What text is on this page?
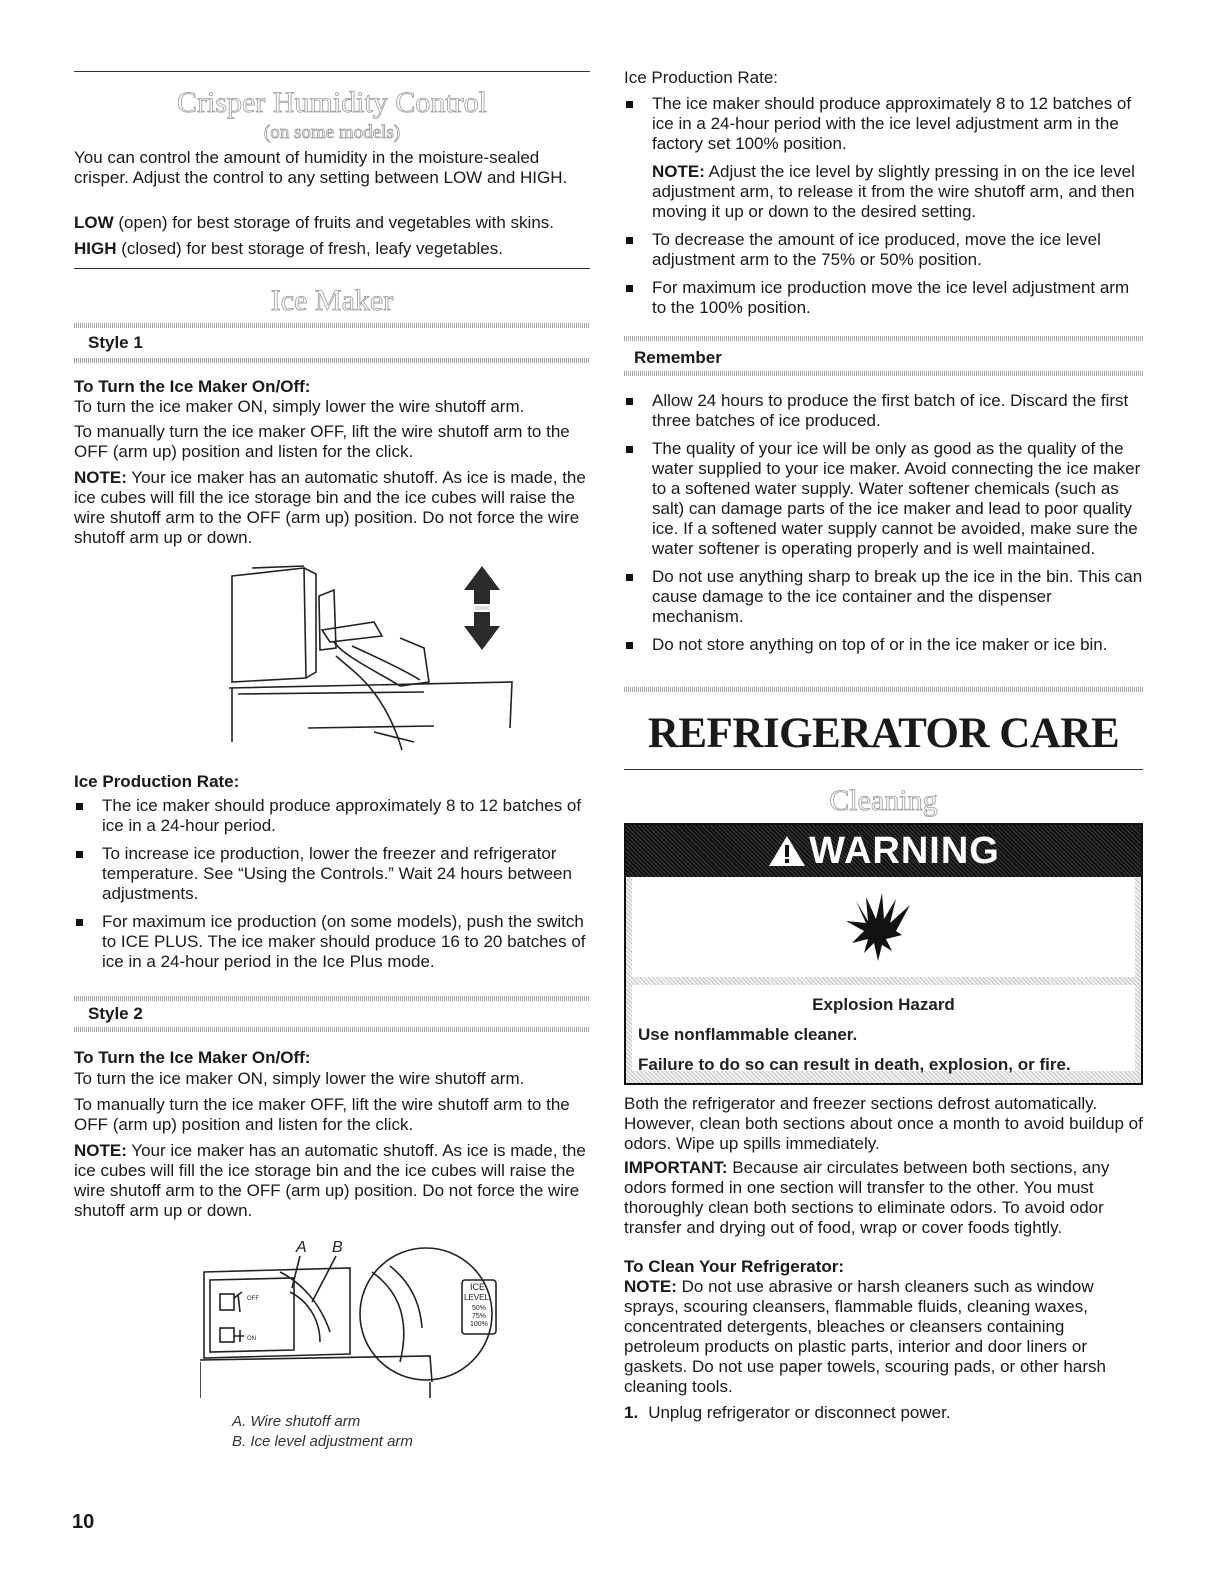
Crisper Humidity Control
(on some models)

You can control the amount of humidity in the moisture-sealed crisper. Adjust the control to any setting between LOW and HIGH.

LOW (open) for best storage of fruits and vegetables with skins.

HIGH (closed) for best storage of fresh, leafy vegetables.

Ice Maker
Style 1
To Turn the Ice Maker On/Off:

To turn the ice maker ON, simply lower the wire shutoff arm.

To manually turn the ice maker OFF, lift the wire shutoff arm to the OFF (arm up) position and listen for the click.

NOTE: Your ice maker has an automatic shutoff. As ice is made, the ice cubes will fill the ice storage bin and the ice cubes will raise the wire shutoff arm to the OFF (arm up) position. Do not force the wire shutoff arm up or down.

Ice Production Rate:
The ice maker should produce approximately 8 to 12 batches of ice in a 24-hour period.
To increase ice production, lower the freezer and refrigerator temperature. See “Using the Controls.” Wait 24 hours between adjustments.
For maximum ice production (on some models), push the switch to ICE PLUS. The ice maker should produce 16 to 20 batches of ice in a 24-hour period in the Ice Plus mode.
Style 2
To Turn the Ice Maker On/Off:

To turn the ice maker ON, simply lower the wire shutoff arm.

To manually turn the ice maker OFF, lift the wire shutoff arm to the OFF (arm up) position and listen for the click.

NOTE: Your ice maker has an automatic shutoff. As ice is made, the ice cubes will fill the ice storage bin and the ice cubes will raise the wire shutoff arm to the OFF (arm up) position. Do not force the wire shutoff arm up or down.

A B
OFF
ON
ICE
LEVEL
50%
75%
100%
A. Wire shutoff arm
B. Ice level adjustment arm
10

Ice Production Rate:

The ice maker should produce approximately 8 to 12 batches of ice in a 24-hour period with the ice level adjustment arm in the factory set 100% position.

NOTE: Adjust the ice level by slightly pressing in on the ice level adjustment arm, to release it from the wire shutoff arm, and then moving it up or down to the desired setting.

To decrease the amount of ice produced, move the ice level adjustment arm to the 75% or 50% position.
For maximum ice production move the ice level adjustment arm to the 100% position.
Remember
Allow 24 hours to produce the first batch of ice. Discard the first three batches of ice produced.
The quality of your ice will be only as good as the quality of the water supplied to your ice maker. Avoid connecting the ice maker to a softened water supply. Water softener chemicals (such as salt) can damage parts of the ice maker and lead to poor quality ice. If a softened water supply cannot be avoided, make sure the water softener is operating properly and is well maintained.
Do not use anything sharp to break up the ice in the bin. This can cause damage to the ice container and the dispenser mechanism.
Do not store anything on top of or in the ice maker or ice bin.
REFRIGERATOR CARE
Cleaning
WARNING
Explosion Hazard
Use nonflammable cleaner.
Failure to do so can result in death, explosion, or fire.

Both the refrigerator and freezer sections defrost automatically. However, clean both sections about once a month to avoid buildup of odors. Wipe up spills immediately.

IMPORTANT: Because air circulates between both sections, any odors formed in one section will transfer to the other. You must thoroughly clean both sections to eliminate odors. To avoid odor transfer and drying out of food, wrap or cover foods tightly.

To Clean Your Refrigerator:

NOTE: Do not use abrasive or harsh cleaners such as window sprays, scouring cleansers, flammable fluids, cleaning waxes, concentrated detergents, bleaches or cleansers containing petroleum products on plastic parts, interior and door liners or gaskets. Do not use paper towels, scouring pads, or other harsh cleaning tools.

1. Unplug refrigerator or disconnect power.
